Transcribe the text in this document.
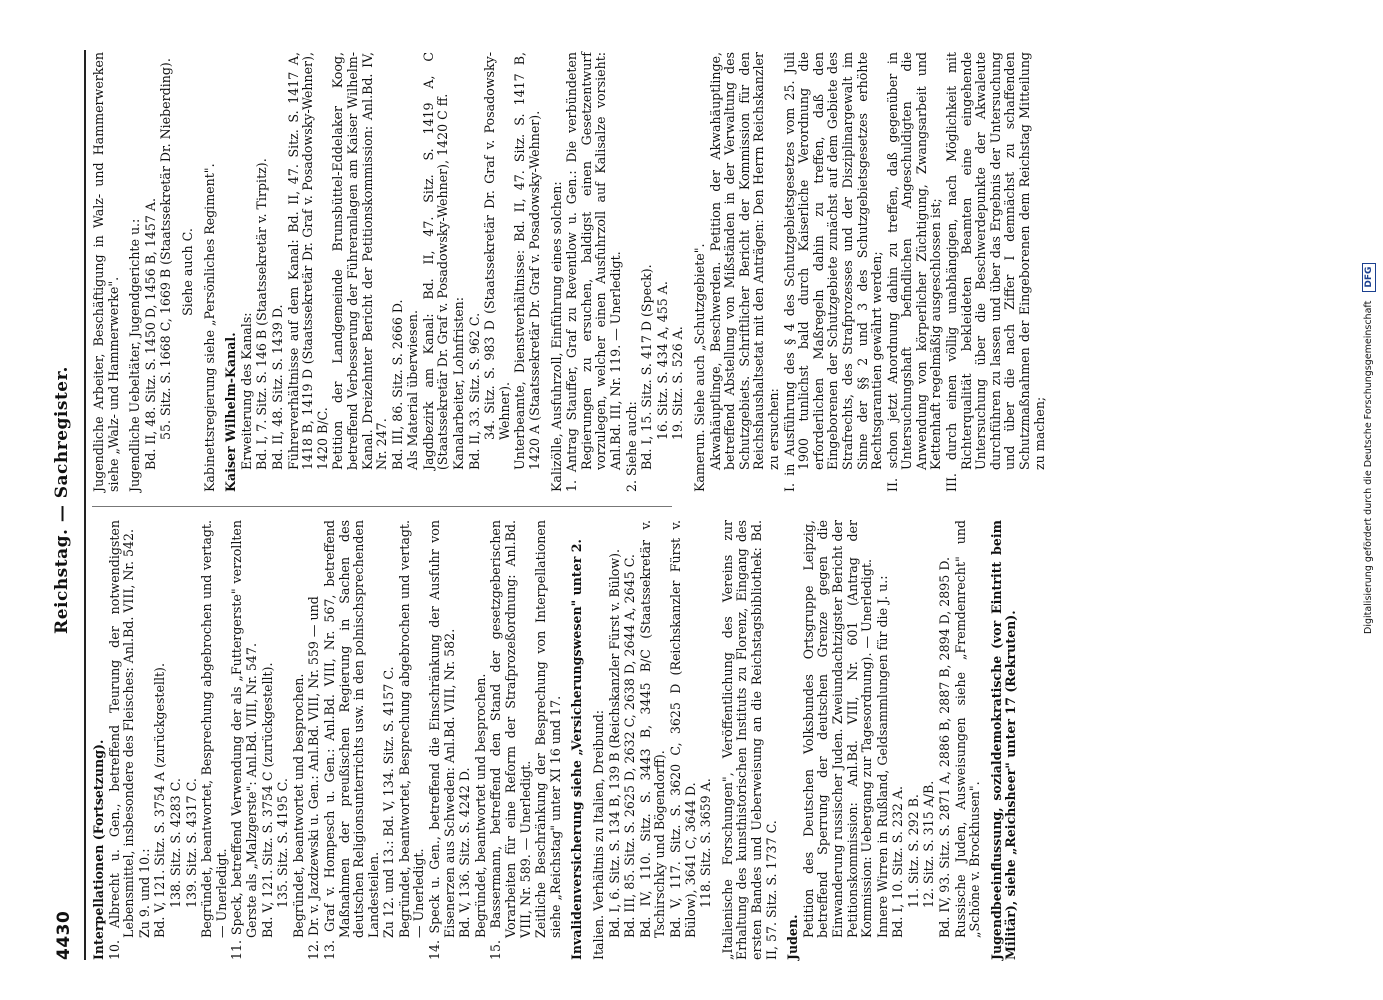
4430
Reichstag. — Sachregister.

Interpellationen (Fortsetzung). 10. Albrecht u. Gen., betreffend Teurung der notwendigsten Lebensmittel, insbesondere des Fleisches: Anl.Bd. VIII, Nr. 542. Zu 9. und 10.: Bd. V, 121. Sitz. S. 3754 A (zurückgestellt). 138. Sitz. S. 4283 C. 139. Sitz. S. 4317 C. Begründet, beantwortet, Besprechung abgebrochen und vertagt. — Unerledigt. 11. Speck, betreffend Verwendung der als „Futtergerste" verzollten Gerste als „Malzgerste": Anl.Bd. VIII, Nr. 547. Bd. V, 121. Sitz. S. 3754 C (zurückgestellt). 135. Sitz. S. 4195 C. Begründet, beantwortet und besprochen. 12. Dr. v. Jazdzewski u. Gen.: Anl.Bd. VIII, Nr. 559 — und 13. Graf v. Hompesch u. Gen.: Anl.Bd. VIII, Nr. 567, betreffend Maßnahmen der preußischen Regierung in Sachen des deutschen Religionsunterrichts usw. in den polnischsprechenden Landesteilen. Zu 12. und 13.: Bd. V, 134. Sitz. S. 4157 C. Begründet, beantwortet, Besprechung abgebrochen und vertagt. — Unerledigt. 14. Speck u. Gen., betreffend die Einschränkung der Ausfuhr von Eisenerzen aus Schweden: Anl.Bd. VIII, Nr. 582. Bd. V, 136. Sitz. S. 4242 D. Begründet, beantwortet und besprochen. 15. Bassermann, betreffend den Stand der gesetzgeberischen Vorarbeiten für eine Reform der Strafprozeßordnung: Anl.Bd. VIII, Nr. 589. — Unerledigt. Zeitliche Beschränkung der Besprechung von Interpellationen siehe „Reichstag" unter XI 16 und 17. Invalidenversicherung siehe „Versicherungswesen" unter 2. Italien. Verhältnis zu Italien, Dreibund: Bd. I, 6. Sitz. S. 134 B, 139 B (Reichskanzler Fürst v. Bülow). Bd. III, 85. Sitz. S. 2625 D, 2632 C, 2638 D, 2644 A, 2645 C. Bd. IV, 110. Sitz. S. 3443 B, 3445 B/C (Staatssekretär v. Tschirschky und Bögendorff). Bd. V, 117. Sitz. S. 3620 C, 3625 D (Reichskanzler Fürst v. Bülow), 3641 C, 3644 D. 118. Sitz. S. 3659 A. „Italienische Forschungen", Veröffentlichung des Vereins zur Erhaltung des kunsthistorischen Instituts zu Florenz, Eingang des ersten Bandes und Ueberweisung an die Reichstagsbibliothek: Bd. II, 57. Sitz. S. 1737 C. Juden. Petition des Deutschen Volksbundes Ortsgruppe Leipzig, betreffend Sperrung der deutschen Grenze gegen die Einwanderung russischer Juden. Zweiundachtzigster Bericht der Petitionskommission: Anl.Bd. VIII, Nr. 601 (Antrag der Kommission: Uebergang zur Tagesordnung). — Unerledigt. Innere Wirren in Rußland, Geldsammlungen für die J. u.: Bd. I, 10. Sitz. S. 232 A. 11. Sitz. S. 292 B. 12. Sitz. S. 315 A/B. Bd. IV, 93. Sitz. S. 2871 A, 2886 B, 2887 B, 2894 D, 2895 D. Russische Juden, Ausweisungen siehe „Fremdenrecht" und „Schöne v. Brockhusen". Jugendbeeinflussung, sozialdemokratische (vor Eintritt beim Militär), siehe „Reichsheer" unter 17 (Rekruten).

Jugendliche Arbeiter, Beschäftigung in Walz- und Hammerwerken siehe „Walz- und Hammerwerke". Jugendliche Uebeltäter, Jugendgerichte u.: Bd. II, 48. Sitz. S. 1450 D, 1456 B, 1457 A. 55. Sitz. S. 1668 C, 1669 B (Staatssekretär Dr. Nieberding). Siehe auch C. Kabinettsregierung siehe „Persönliches Regiment". Kaiser Wilhelm-Kanal. Erweiterung des Kanals: Bd. I, 7. Sitz. S. 146 B (Staatssekretär v. Tirpitz). Bd. II, 48. Sitz. S. 1439 D. Führerverhältnisse auf dem Kanal: Bd. II, 47. Sitz. S. 1417 A, 1418 B, 1419 D (Staatssekretär Dr. Graf v. Posadowsky-Wehner), 1420 B/C. Petition der Landgemeinde Brunsbüttel-Eddelaker Koog, betreffend Verbesserung der Führeranlagen am Kaiser Wilhelm-Kanal. Dreizehnter Bericht der Petitionskommission: Anl.Bd. IV, Nr. 247. Bd. III, 86. Sitz. S. 2666 D. Als Material überwiesen. Jagdbezirk am Kanal: Bd. II, 47. Sitz. S. 1419 A, C (Staatssekretär Dr. Graf v. Posadowsky-Wehner), 1420 C ff. Kanalarbeiter, Lohnfristen: Bd. II, 33. Sitz. S. 962 C. 34. Sitz. S. 983 D (Staatssekretär Dr. Graf v. Posadowsky-Wehner). Unterbeamte, Dienstverhältnisse: Bd. II, 47. Sitz. S. 1417 B, 1420 A (Staatssekretär Dr. Graf v. Posadowsky-Wehner). Kalizölle, Ausfuhrzoll, Einführung eines solchen: 1. Antrag Stauffer, Graf zu Reventlow u. Gen.: Die verbündeten Regierungen zu ersuchen, baldigst einen Gesetzentwurf vorzulegen, welcher einen Ausfuhrzoll auf Kalisalze vorsieht: Anl.Bd. III, Nr. 119. — Unerledigt. 2. Siehe auch: Bd. I, 15. Sitz. S. 417 D (Speck). 16. Sitz. S. 434 A, 455 A. 19. Sitz. S. 526 A. Kamerun. Siehe auch „Schutzgebiete". Akwahäuptlinge, Beschwerden. Petition der Akwahäuptlinge, betreffend Abstellung von Mißständen in der Verwaltung des Schutzgebiets. Schriftlicher Bericht der Kommission für den Reichshaushaltsetat mit den Anträgen: Den Herrn Reichskanzler zu ersuchen: I. in Ausführung des § 4 des Schutzgebietsgesetzes vom 25. Juli 1900 tunlichst bald durch Kaiserliche Verordnung die erforderlichen Maßregeln dahin zu treffen, daß den Eingeborenen der Schutzgebiete zunächst auf dem Gebiete des Strafrechts, des Strafprozesses und der Disziplinargewalt im Sinne der §§ 2 und 3 des Schutzgebietsgesetzes erhöhte Rechtsgarantien gewährt werden; II. schon jetzt Anordnung dahin zu treffen, daß gegenüber in Untersuchungshaft befindlichen Angeschuldigten die Anwendung von körperlicher Züchtigung, Zwangsarbeit und Kettenhaft regelmäßig ausgeschlossen ist; III. durch einen völlig unabhängigen, nach Möglichkeit mit Richterqualität bekleideten Beamten eine eingehende Untersuchung über die Beschwerdepunkte der Akwaleute durchführen zu lassen und über das Ergebnis der Untersuchung und über die nach Ziffer I demnächst zu schaffenden Schutzmaßnahmen der Eingeborenen dem Reichstag Mitteilung zu machen;	Digitalisierung gefördert durch die Deutsche Forschungsgemeinschaft DFG
